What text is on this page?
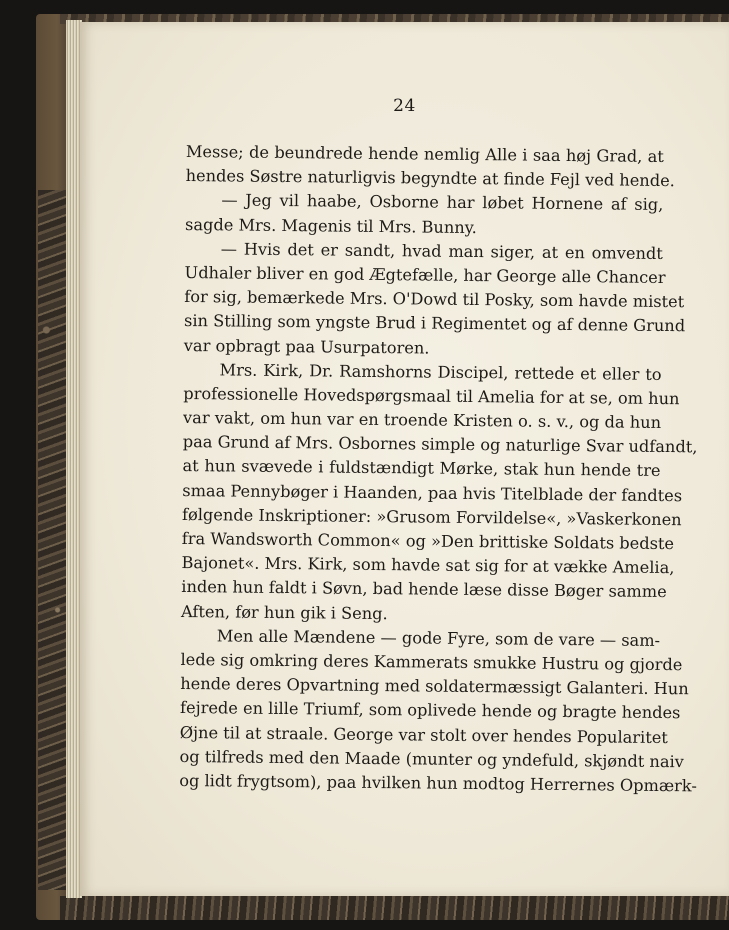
24
Messe; de beundrede hende nemlig Alle i saa høj Grad, at
hendes Søstre naturligvis begyndte at finde Fejl ved hende.
— Jeg vil haabe, Osborne har løbet Hornene af sig,
sagde Mrs. Magenis til Mrs. Bunny.
— Hvis det er sandt, hvad man siger, at en omvendt
Udhaler bliver en god Ægtefælle, har George alle Chancer
for sig, bemærkede Mrs. O'Dowd til Posky, som havde mistet
sin Stilling som yngste Brud i Regimentet og af denne Grund
var opbragt paa Usurpatoren.
Mrs. Kirk, Dr. Ramshorns Discipel, rettede et eller to
professionelle Hovedspørgsmaal til Amelia for at se, om hun
var vakt, om hun var en troende Kristen o. s. v., og da hun
paa Grund af Mrs. Osbornes simple og naturlige Svar udfandt,
at hun svævede i fuldstændigt Mørke, stak hun hende tre
smaa Pennybøger i Haanden, paa hvis Titelblade der fandtes
følgende Inskriptioner: »Grusom Forvildelse«, »Vaskerkonen
fra Wandsworth Common« og »Den brittiske Soldats bedste
Bajonet«. Mrs. Kirk, som havde sat sig for at vække Amelia,
inden hun faldt i Søvn, bad hende læse disse Bøger samme
Aften, før hun gik i Seng.
Men alle Mændene — gode Fyre, som de vare — sam-
lede sig omkring deres Kammerats smukke Hustru og gjorde
hende deres Opvartning med soldatermæssigt Galanteri. Hun
fejrede en lille Triumf, som oplivede hende og bragte hendes
Øjne til at straale. George var stolt over hendes Popularitet
og tilfreds med den Maade (munter og yndefuld, skjøndt naiv
og lidt frygtsom), paa hvilken hun modtog Herrernes Opmærk-
